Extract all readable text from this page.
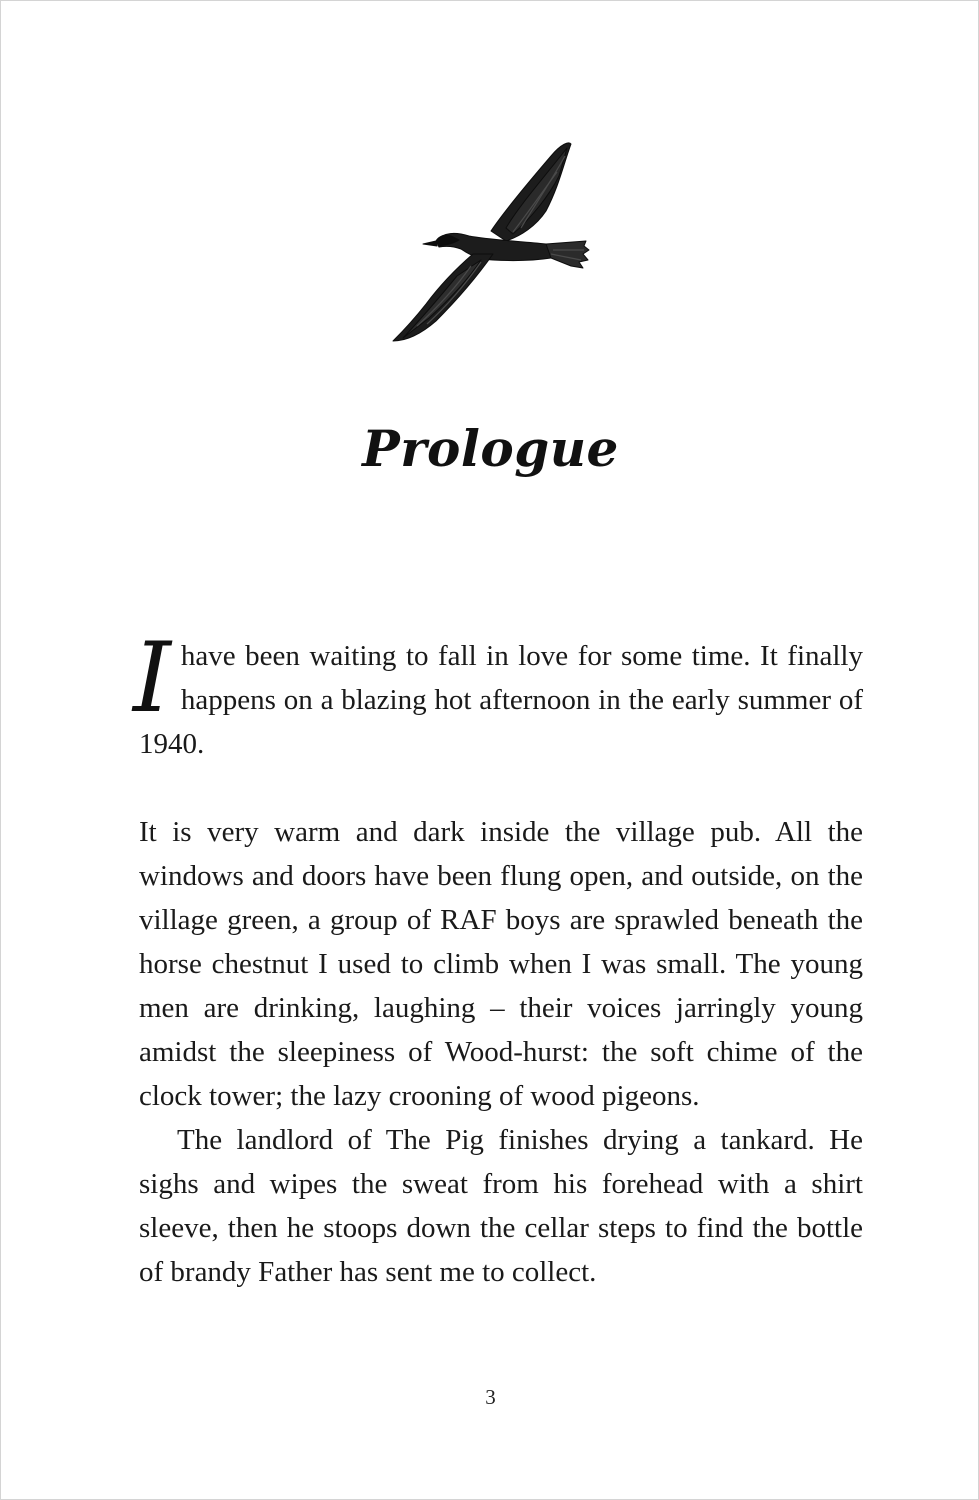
Prologue

Ihave been waiting to fall in love for some time. It finally happens on a blazing hot afternoon in the early summer of 1940.

It is very warm and dark inside the village pub. All the windows and doors have been flung open, and outside, on the village green, a group of RAF boys are sprawled beneath the horse chestnut I used to climb when I was small. The young men are drinking, laughing – their voices jarringly young amidst the sleepiness of Wood-hurst: the soft chime of the clock tower; the lazy crooning of wood pigeons.

The landlord of The Pig finishes drying a tankard. He sighs and wipes the sweat from his forehead with a shirt sleeve, then he stoops down the cellar steps to find the bottle of brandy Father has sent me to collect.

3
